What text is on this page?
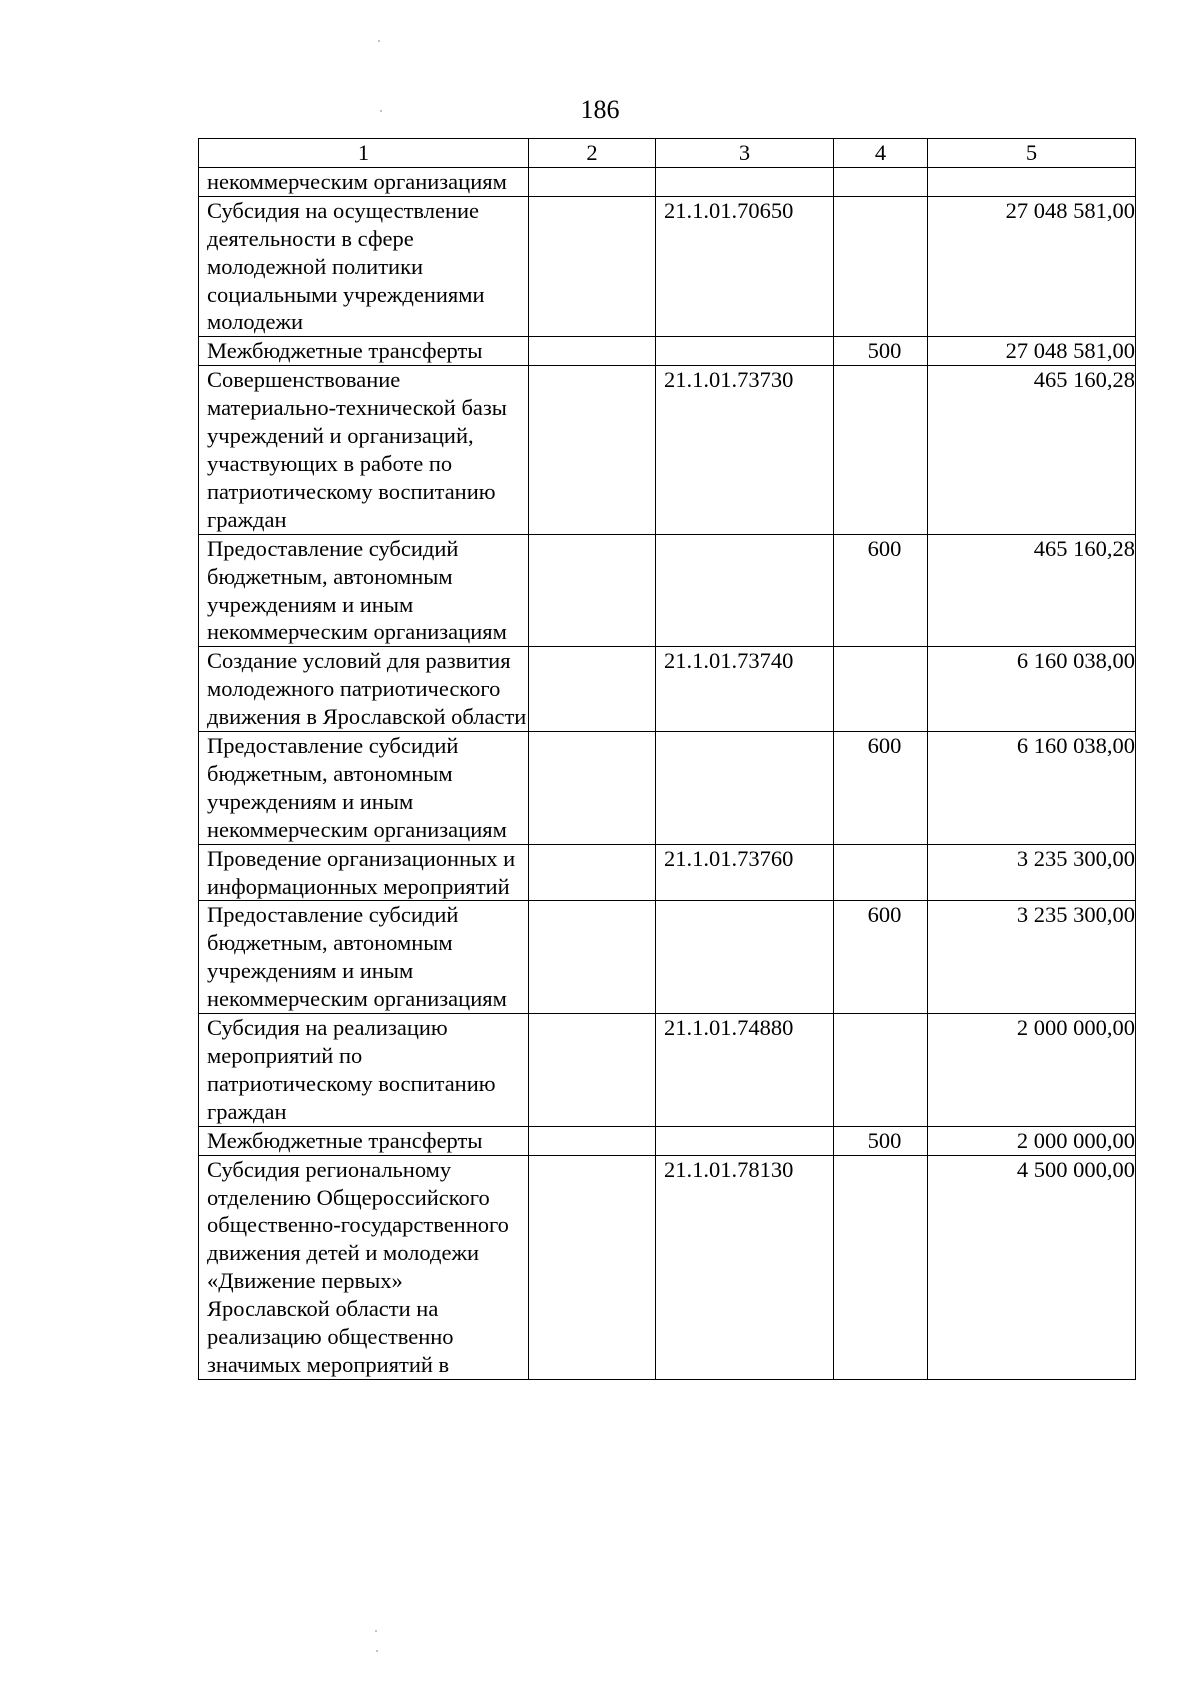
186
1	2	3	4	5
некоммерческим организациям				
Субсидия на осуществление деятельности в сфере молодежной политики социальными учреждениями молодежи		21.1.01.70650		27 048 581,00
Межбюджетные трансферты			500	27 048 581,00
Совершенствование материально-технической базы учреждений и организаций, участвующих в работе по патриотическому воспитанию граждан		21.1.01.73730		465 160,28
Предоставление субсидий бюджетным, автономным учреждениям и иным некоммерческим организациям			600	465 160,28
Создание условий для развития молодежного патриотического движения в Ярославской области		21.1.01.73740		6 160 038,00
Предоставление субсидий бюджетным, автономным учреждениям и иным некоммерческим организациям			600	6 160 038,00
Проведение организационных и информационных мероприятий		21.1.01.73760		3 235 300,00
Предоставление субсидий бюджетным, автономным учреждениям и иным некоммерческим организациям			600	3 235 300,00
Субсидия на реализацию мероприятий по патриотическому воспитанию граждан		21.1.01.74880		2 000 000,00
Межбюджетные трансферты			500	2 000 000,00
Субсидия региональному отделению Общероссийского общественно-государственного движения детей и молодежи «Движение первых» Ярославской области на реализацию общественно значимых мероприятий в		21.1.01.78130		4 500 000,00
